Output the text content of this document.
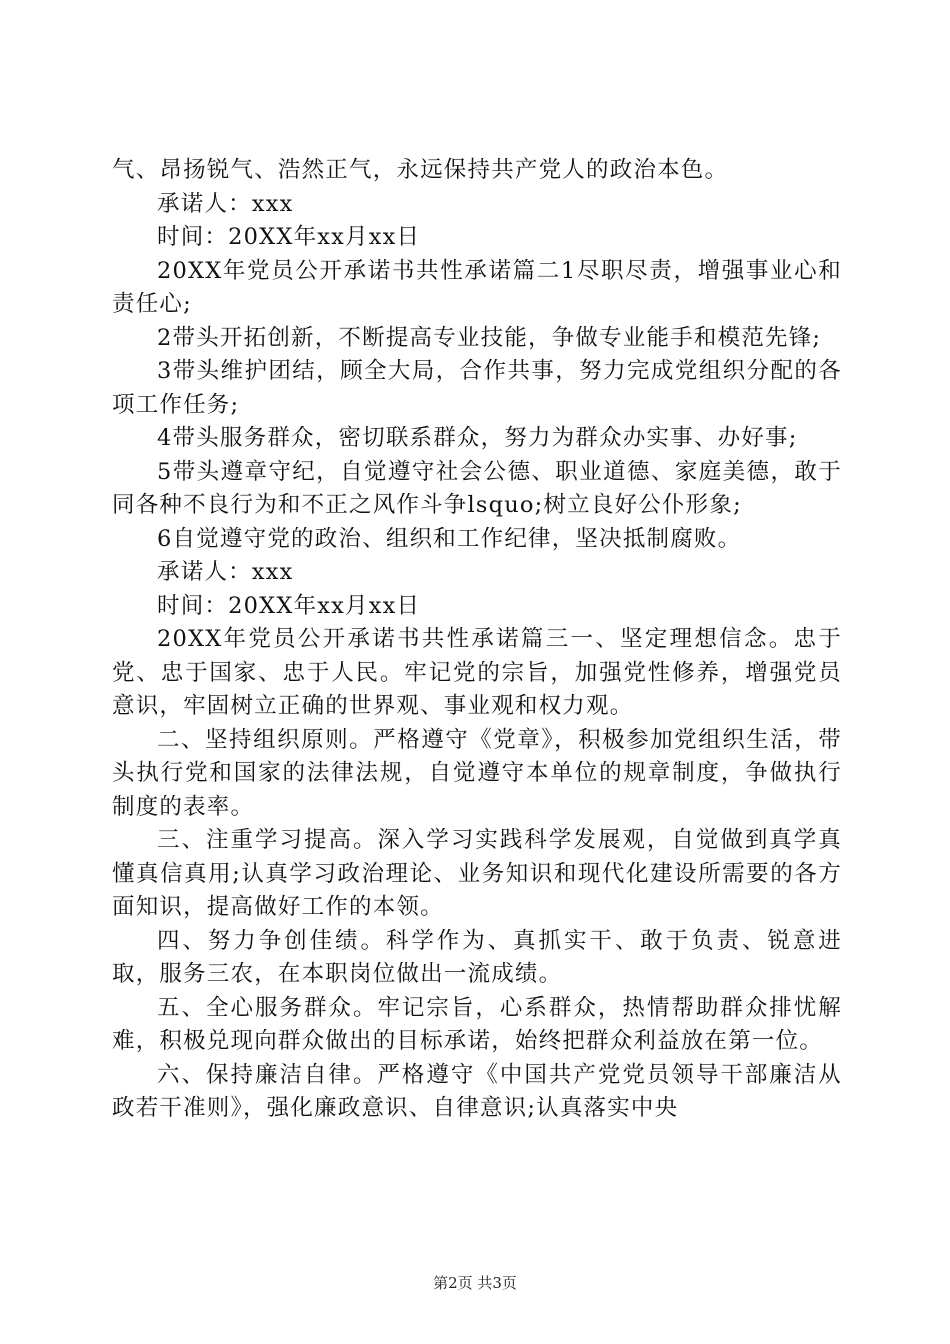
气、昂扬锐气、浩然正气，永远保持共产党人的政治本色。

承诺人：xxx

时间：20XX年xx月xx日

20XX年党员公开承诺书共性承诺篇二1尽职尽责，增强事业心和责任心;

2带头开拓创新，不断提高专业技能，争做专业能手和模范先锋;

3带头维护团结，顾全大局，合作共事，努力完成党组织分配的各项工作任务;

4带头服务群众，密切联系群众，努力为群众办实事、办好事;

5带头遵章守纪，自觉遵守社会公德、职业道德、家庭美德，敢于同各种不良行为和不正之风作斗争lsquo;树立良好公仆形象;

6自觉遵守党的政治、组织和工作纪律，坚决抵制腐败。

承诺人：xxx

时间：20XX年xx月xx日

20XX年党员公开承诺书共性承诺篇三一、坚定理想信念。忠于党、忠于国家、忠于人民。牢记党的宗旨，加强党性修养，增强党员意识，牢固树立正确的世界观、事业观和权力观。

二、坚持组织原则。严格遵守《党章》，积极参加党组织生活，带头执行党和国家的法律法规，自觉遵守本单位的规章制度，争做执行制度的表率。

三、注重学习提高。深入学习实践科学发展观，自觉做到真学真懂真信真用;认真学习政治理论、业务知识和现代化建设所需要的各方面知识，提高做好工作的本领。

四、努力争创佳绩。科学作为、真抓实干、敢于负责、锐意进取，服务三农，在本职岗位做出一流成绩。

五、全心服务群众。牢记宗旨，心系群众，热情帮助群众排忧解难，积极兑现向群众做出的目标承诺，始终把群众利益放在第一位。

六、保持廉洁自律。严格遵守《中国共产党党员领导干部廉洁从政若干准则》，强化廉政意识、自律意识;认真落实中央

第2页 共3页
